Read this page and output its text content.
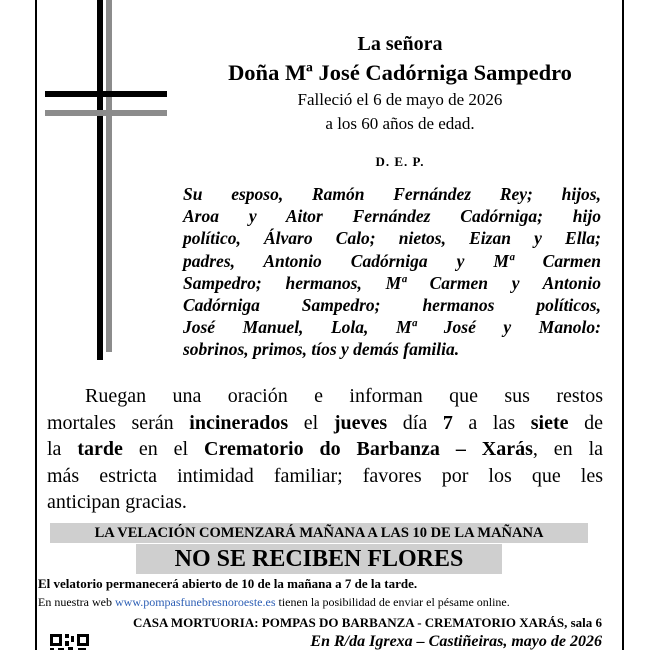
La señora
Doña Mª José Cadórniga Sampedro
Falleció el 6 de mayo de 2026
a los 60 años de edad.
D. E. P.
Su esposo, Ramón Fernández Rey; hijos,
Aroa y Aitor Fernández Cadórniga; hijo
político, Álvaro Calo; nietos, Eizan y Ella;
padres, Antonio Cadórniga y Mª Carmen
Sampedro; hermanos, Mª Carmen y Antonio
Cadórniga Sampedro; hermanos políticos,
José Manuel, Lola, Mª José y Manolo:
sobrinos, primos, tíos y demás familia.
Ruegan una oración e informan que sus restos
mortales serán incinerados el jueves día 7 a las siete de
la tarde en el Crematorio do Barbanza – Xarás, en la
más estricta intimidad familiar; favores por los que les
anticipan gracias.
LA VELACIÓN COMENZARÁ MAÑANA A LAS 10 DE LA MAÑANA
NO SE RECIBEN FLORES
El velatorio permanecerá abierto de 10 de la mañana a 7 de la tarde.
En nuestra web www.pompasfunebresnoroeste.es tienen la posibilidad de enviar el pésame online.
CASA MORTUORIA: POMPAS DO BARBANZA - CREMATORIO XARÁS, sala 6
En R/da Igrexa – Castiñeiras, mayo de 2026
